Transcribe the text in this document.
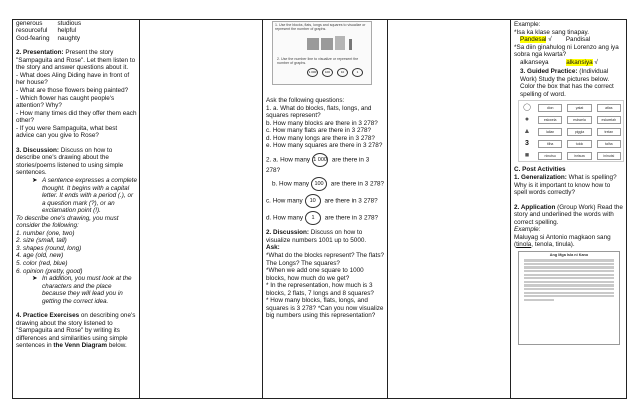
generous	studious
resourceful	helpful
God-fearing	naughty

2. Presentation: Present the story "Sampaguita and Rose". Let them listen to the story and answer questions about it.

- What does Aling Diding have in front of her house?

- What are those flowers being painted?

- Which flower has caught people's attention? Why?

- How many times did they offer them each other?

- If you were Sampaguita, what best advice can you give to Rose?

3. Discussion: Discuss on how to describe one's drawing about the stories/poems listened to using simple sentences.

➤ A sentence expresses a complete thought. It begins with a capital letter. It ends with a period (.), or a question mark (?), or an exclamation point (!).

To describe one's drawing, you must consider the following:

1. number (one, two)

2. size (small, tall)

3. shapes (round, long)

4. age (old, new)

5. color (red, blue)

6. opinion (pretty, good)

➤ In addition, you must look at the characters and the place because they will lead you in getting the correct idea.

4. Practice Exercises on describing one's drawing about the story listened to "Sampaguita and Rose" by writing its differences and similarities using simple sentences in the Venn Diagram below.

1. Use the blocks, flats, longs and squares to visualize or represent the number of graphs.
2. Use the number line to visualize or represent the number of graphs.
1 000	100	10	1

Ask the following questions:

1. a. What do blocks, flats, longs, and squares represent?

b. How many blocks are there in 3 278?

c. How many flats are there in 3 278?

d. How many longs are there in 3 278?

e. How many squares are there in 3 278?

2. a. How many 1 000 are there in 3 278?

b. How many 100 are there in 3 278?

c. How many 10 are there in 3 278?

d. How many 1 are there in 3 278?

2. Discussion: Discuss on how to visualize numbers 1001 up to 5000.

Ask:

*What do the blocks represent? The flats? The Longs? The squares?

*When we add one square to 1000 blocks, how much do we get?

* In the representation, how much is 3 blocks, 2 flats, 7 longs and 8 squares?

* How many blocks, flats, longs, and squares is 3 278? *Can you now visualize big numbers using this representation?

Example:

*Isa ka klase sang tinapay.

Pandesal √ Pandisal

*Sa diin ginahulog ni Lorenzo ang iya sobra nga kwarta?

alkanseya	alkansiya √

3. Guided Practice: (Individual Work) Study the pictures below. Color the box that has the correct spelling of word.

◯	dion	yatat	atlas
●	eskwela	eskwela	eskwelah
▲	lalian	piggla	trelan
3	tilha	tulok	talha
■	ninutsu	inrisuw	ininutsi

C. Post Activities

1. Generalization: What is spelling? Why is it important to know how to spell words correctly?

2. Application (Group Work) Read the story and underlined the words with correct spelling.

Example:

Maluyag si Antonio magkaon sang (tinola, tenola, tinula).

Ang Mga Isla ni Kano
